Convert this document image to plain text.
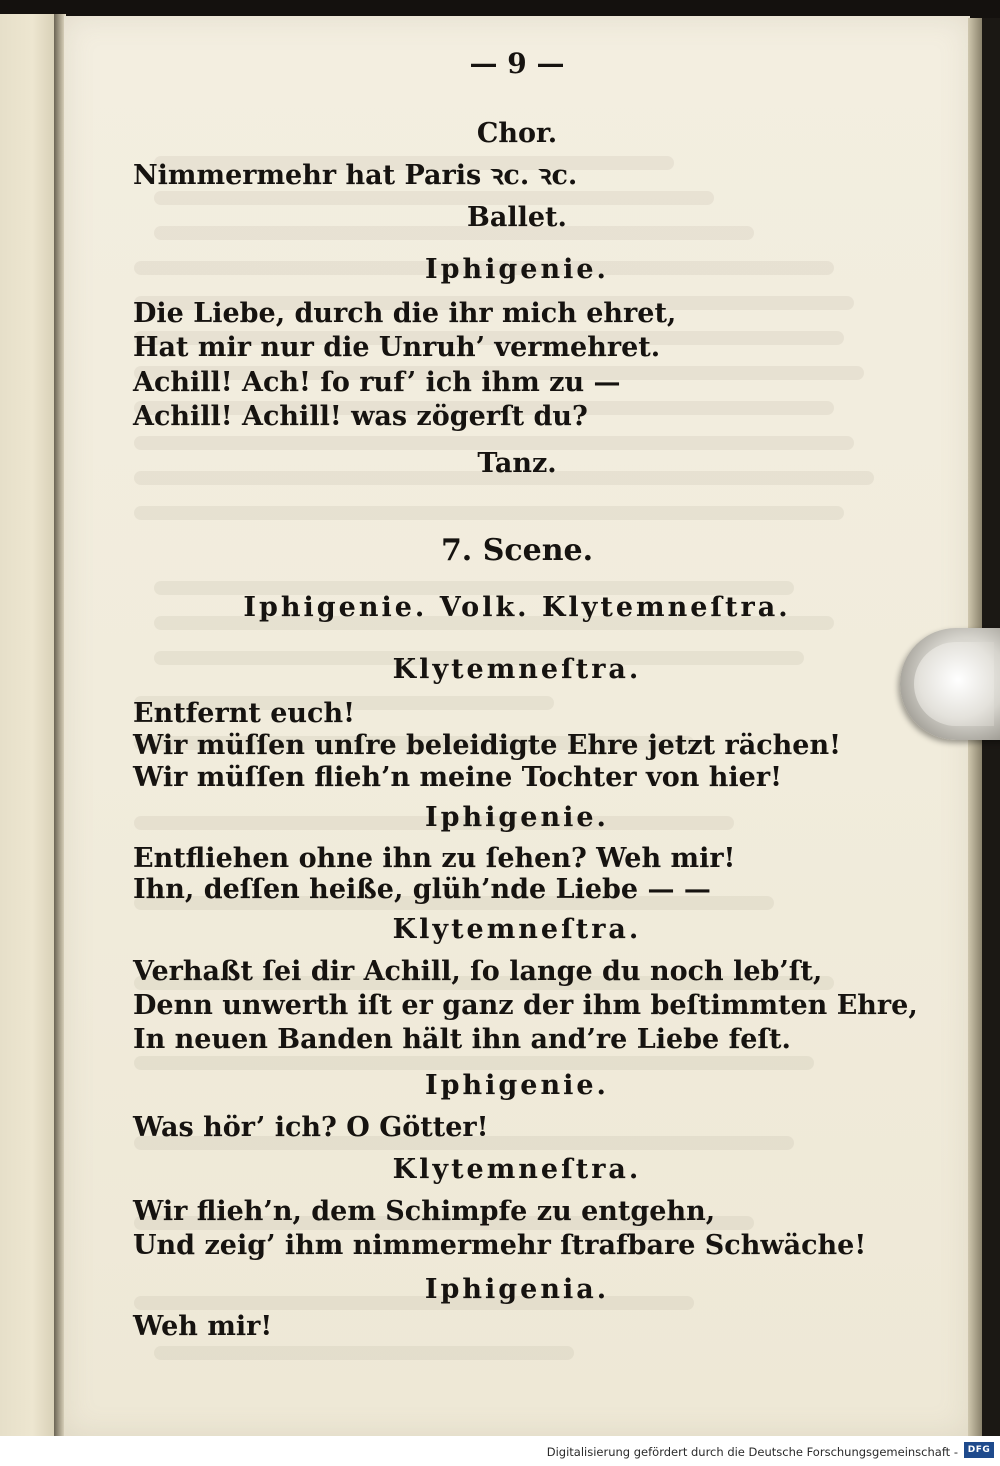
— 9 —
Chor.
Nimmermehr hat Paris ꝛc. ꝛc.
Ballet.
Iphigenie.
Die Liebe, durch die ihr mich ehret,
Hat mir nur die Unruh’ vermehret.
Achill! Ach! ſo ruf’ ich ihm zu —
Achill! Achill! was zögerſt du?
Tanz.
7. Scene.
Iphigenie. Volk. Klytemneſtra.
Klytemneſtra.
Entfernt euch!
Wir müſſen unſre beleidigte Ehre jetzt rächen!
Wir müſſen flieh’n meine Tochter von hier!
Iphigenie.
Entfliehen ohne ihn zu ſehen? Weh mir!
Ihn, deſſen heiße, glüh’nde Liebe — —
Klytemneſtra.
Verhaßt ſei dir Achill, ſo lange du noch leb’ſt,
Denn unwerth iſt er ganz der ihm beſtimmten Ehre,
In neuen Banden hält ihn and’re Liebe feſt.
Iphigenie.
Was hör’ ich? O Götter!
Klytemneſtra.
Wir flieh’n, dem Schimpfe zu entgehn,
Und zeig’ ihm nimmermehr ſtrafbare Schwäche!
Iphigenia.
Weh mir!
Digitalisierung gefördert durch die Deutsche Forschungsgemeinschaft -	DFG
